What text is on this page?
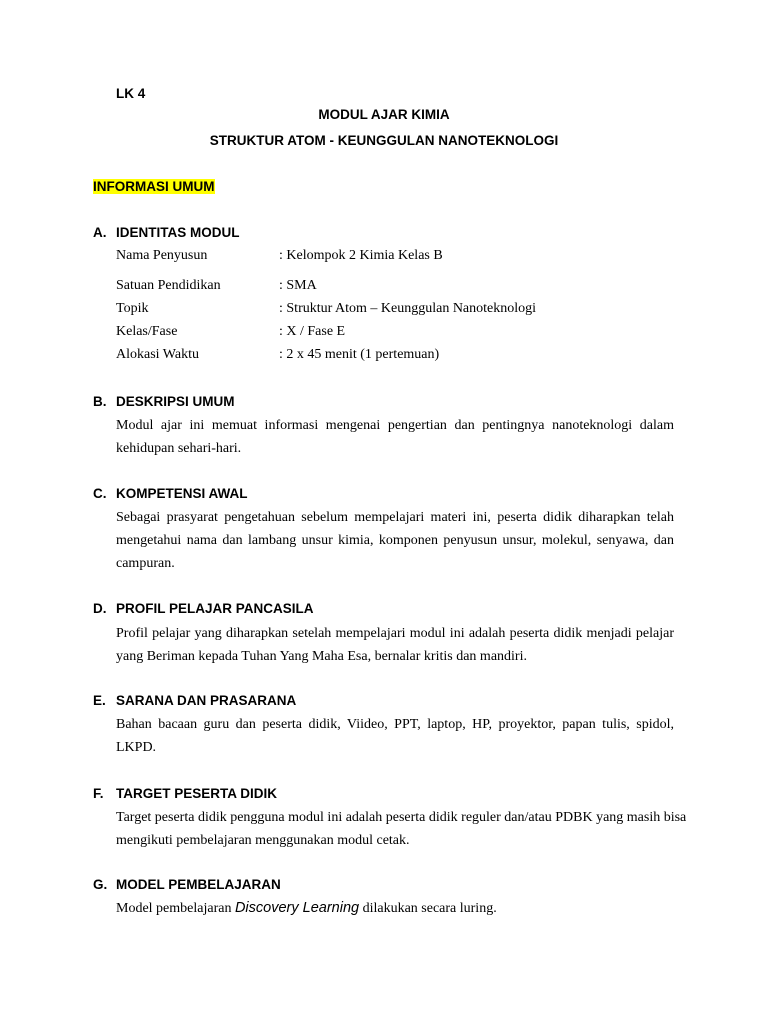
LK 4
MODUL AJAR KIMIA
STRUKTUR ATOM - KEUNGGULAN NANOTEKNOLOGI
INFORMASI UMUM
A. IDENTITAS MODUL
Nama Penyusun	: Kelompok 2 Kimia Kelas B
Satuan Pendidikan	: SMA
Topik	: Struktur Atom – Keunggulan Nanoteknologi
Kelas/Fase	: X / Fase E
Alokasi Waktu	: 2 x 45 menit (1 pertemuan)
B. DESKRIPSI UMUM
Modul ajar ini memuat informasi mengenai pengertian dan pentingnya nanoteknologi dalam
kehidupan sehari-hari.
C. KOMPETENSI AWAL
Sebagai prasyarat pengetahuan sebelum mempelajari materi ini, peserta didik diharapkan telah
mengetahui nama dan lambang unsur kimia, komponen penyusun unsur, molekul, senyawa, dan
campuran.
D. PROFIL PELAJAR PANCASILA
Profil pelajar yang diharapkan setelah mempelajari modul ini adalah peserta didik menjadi pelajar
yang Beriman kepada Tuhan Yang Maha Esa, bernalar kritis dan mandiri.
E. SARANA DAN PRASARANA
Bahan bacaan guru dan peserta didik, Viideo, PPT, laptop, HP, proyektor, papan tulis, spidol,
LKPD.
F. TARGET PESERTA DIDIK
Target peserta didik pengguna modul ini adalah peserta didik reguler dan/atau PDBK yang masih bisa
mengikuti pembelajaran menggunakan modul cetak.
G. MODEL PEMBELAJARAN
Model pembelajaran Discovery Learning dilakukan secara luring.
